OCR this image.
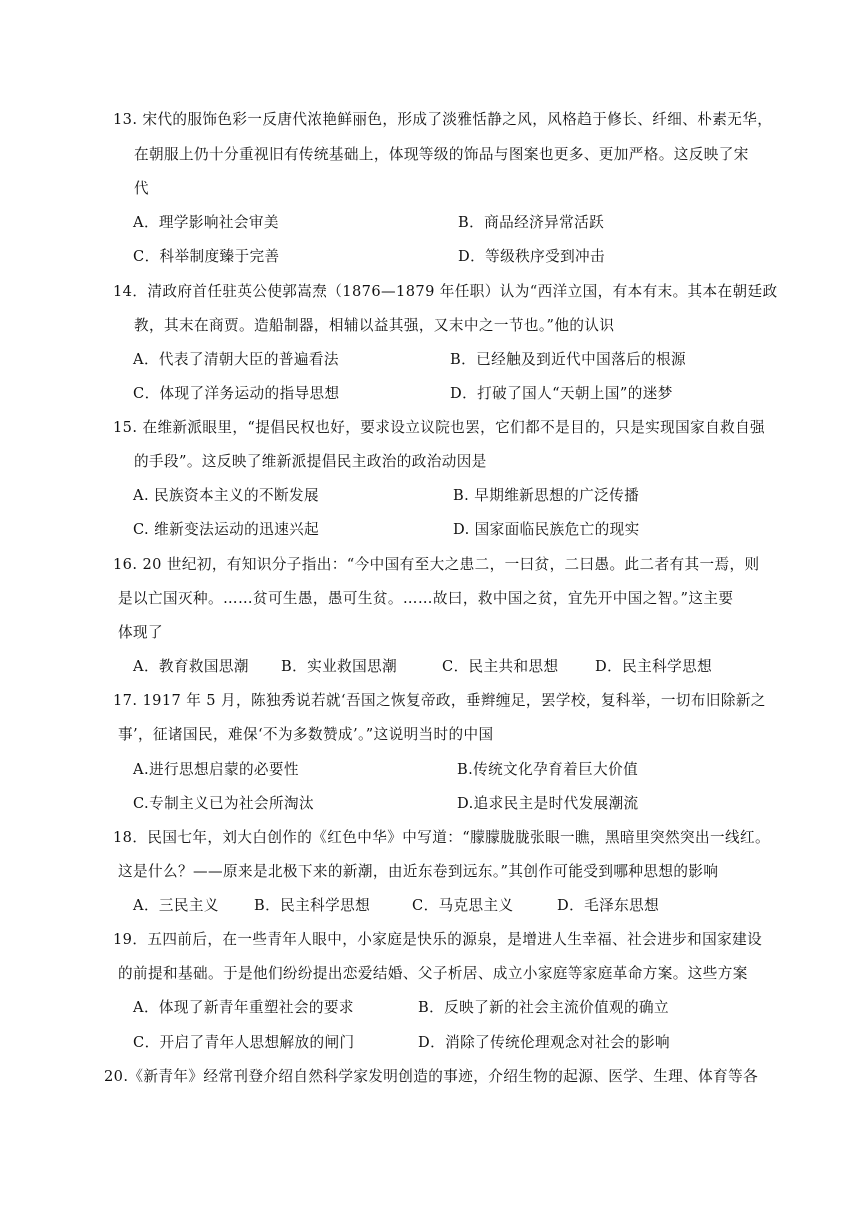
13. 宋代的服饰色彩一反唐代浓艳鲜丽色，形成了淡雅恬静之风，风格趋于修长、纤细、朴素无华，
在朝服上仍十分重视旧有传统基础上，体现等级的饰品与图案也更多、更加严格。这反映了宋
代
A．理学影响社会审美	B．商品经济异常活跃
C．科举制度臻于完善	D．等级秩序受到冲击
14．清政府首任驻英公使郭嵩焘（1876—1879 年任职）认为“西洋立国，有本有末。其本在朝廷政
教，其末在商贾。造船制器，相辅以益其强，又末中之一节也。”他的认识
A．代表了清朝大臣的普遍看法	B．已经触及到近代中国落后的根源
C．体现了洋务运动的指导思想	D．打破了国人“天朝上国”的迷梦
15. 在维新派眼里，“提倡民权也好，要求设立议院也罢，它们都不是目的，只是实现国家自救自强
的手段”。这反映了维新派提倡民主政治的政治动因是
A. 民族资本主义的不断发展	B. 早期维新思想的广泛传播
C. 维新变法运动的迅速兴起	D. 国家面临民族危亡的现实
16. 20 世纪初，有知识分子指出：“今中国有至大之患二，一曰贫，二曰愚。此二者有其一焉，则
是以亡国灭种。……贫可生愚，愚可生贫。……故曰，救中国之贫，宜先开中国之智。”这主要
体现了
A．教育救国思潮 B．实业救国思潮	C．民主共和思想 D．民主科学思想
17. 1917 年 5 月，陈独秀说若就‘吾国之恢复帝政，垂辫缠足，罢学校，复科举，一切布旧除新之
事’，征诸国民，难保‘不为多数赞成’。”这说明当时的中国
A.进行思想启蒙的必要性	B.传统文化孕育着巨大价值
C.专制主义已为社会所淘汰	D.追求民主是时代发展潮流
18．民国七年，刘大白创作的《红色中华》中写道：“朦朦胧胧张眼一瞧，黑暗里突然突出一线红。
这是什么？——原来是北极下来的新潮，由近东卷到远东。”其创作可能受到哪种思想的影响
A．三民主义 B．民主科学思想	C．马克思主义	D．毛泽东思想
19．五四前后，在一些青年人眼中，小家庭是快乐的源泉，是增进人生幸福、社会进步和国家建设
的前提和基础。于是他们纷纷提出恋爱结婚、父子析居、成立小家庭等家庭革命方案。这些方案
A．体现了新青年重塑社会的要求	B．反映了新的社会主流价值观的确立
C．开启了青年人思想解放的闸门	D．消除了传统伦理观念对社会的影响
20.《新青年》经常刊登介绍自然科学家发明创造的事迹，介绍生物的起源、医学、生理、体育等各
